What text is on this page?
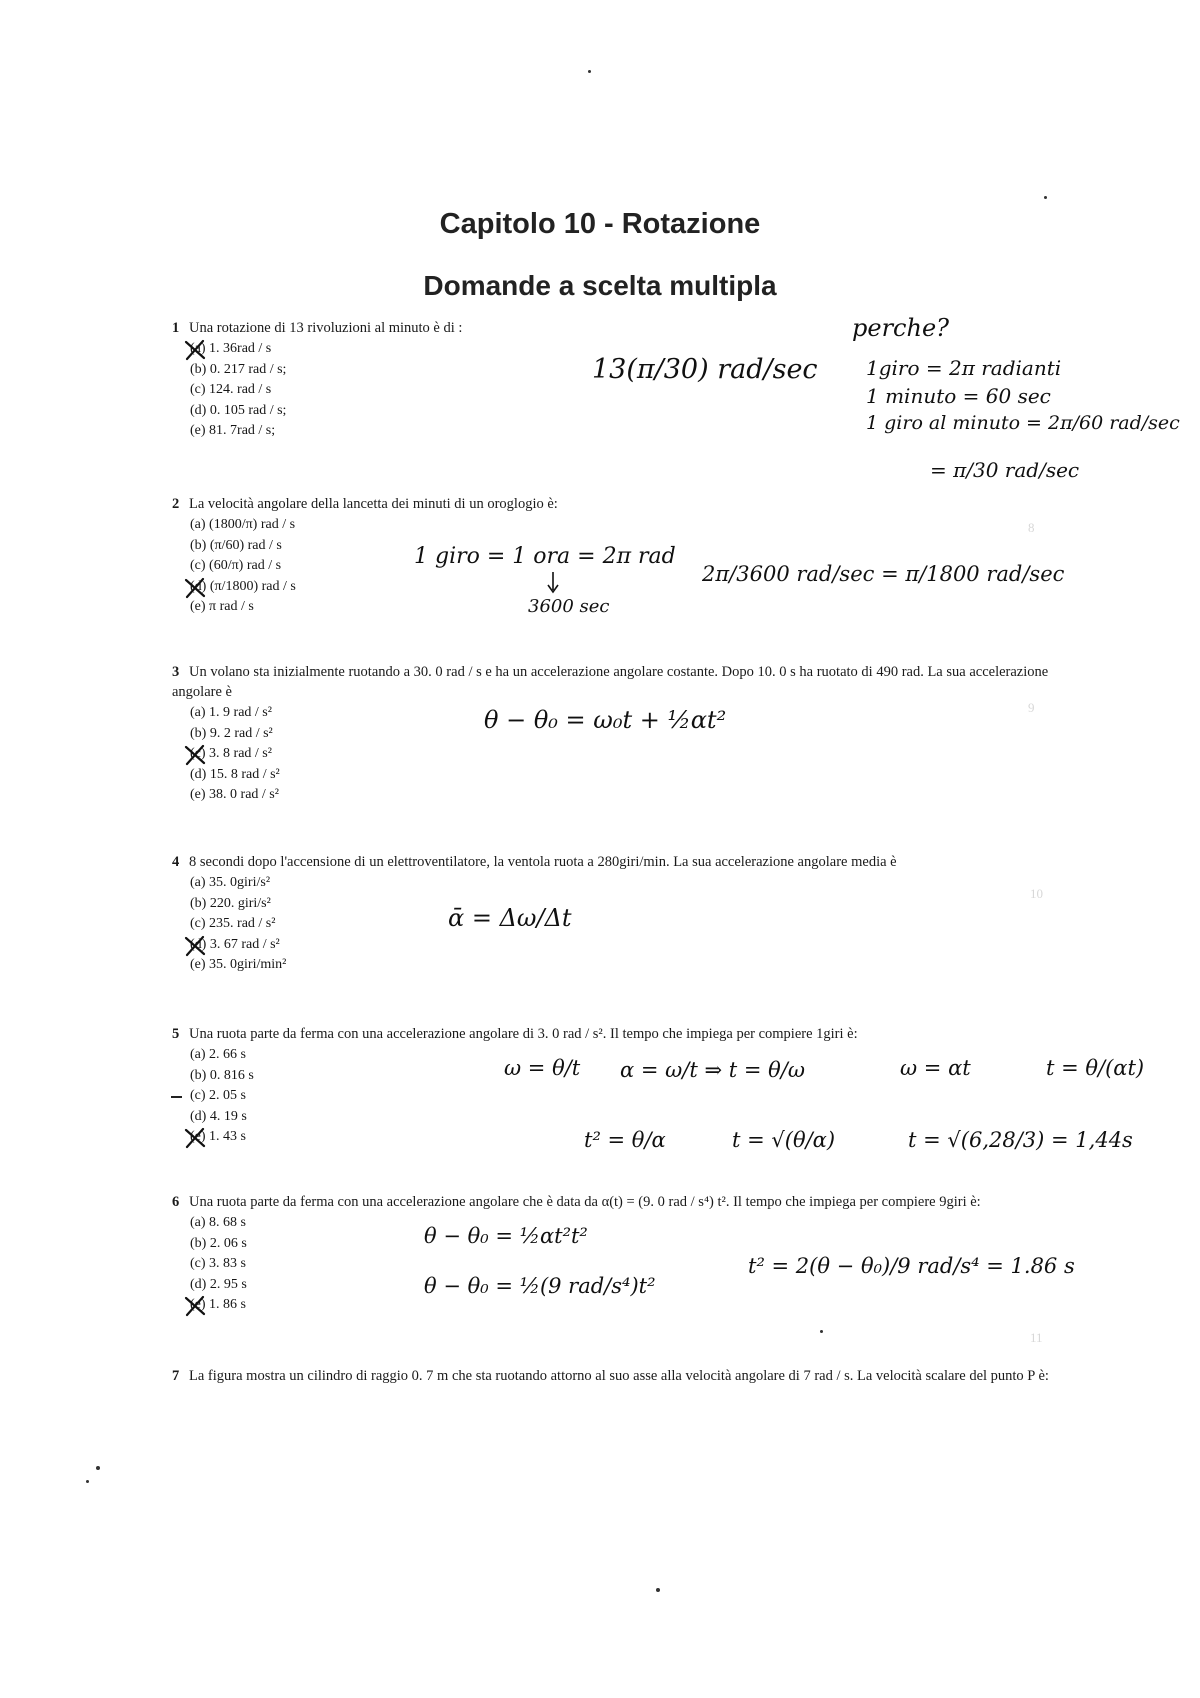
Capitolo 10 - Rotazione
Domande a scelta multipla
8
9
10
11
1 Una rotazione di 13 rivoluzioni al minuto è di :
(a) 1. 36rad / s
(b) 0. 217 rad / s;
(c) 124. rad / s
(d) 0. 105 rad / s;
(e) 81. 7rad / s;
2 La velocità angolare della lancetta dei minuti di un oroglogio è:
(a) (1800/π) rad / s
(b) (π/60) rad / s
(c) (60/π) rad / s
(d) (π/1800) rad / s
(e) π rad / s
3 Un volano sta inizialmente ruotando a 30. 0 rad / s e ha un accelerazione angolare costante. Dopo 10. 0 s ha ruotato di 490 rad. La sua accelerazione angolare è
(a) 1. 9 rad / s²
(b) 9. 2 rad / s²
(c) 3. 8 rad / s²
(d) 15. 8 rad / s²
(e) 38. 0 rad / s²
4 8 secondi dopo l'accensione di un elettroventilatore, la ventola ruota a 280giri/min. La sua accelerazione angolare media è
(a) 35. 0giri/s²
(b) 220. giri/s²
(c) 235. rad / s²
(d) 3. 67 rad / s²
(e) 35. 0giri/min²
5 Una ruota parte da ferma con una accelerazione angolare di 3. 0 rad / s². Il tempo che impiega per compiere 1giri è:
(a) 2. 66 s
(b) 0. 816 s
(c) 2. 05 s
(d) 4. 19 s
(e) 1. 43 s
6 Una ruota parte da ferma con una accelerazione angolare che è data da α(t) = (9. 0 rad / s⁴) t². Il tempo che impiega per compiere 9giri è:
(a) 8. 68 s
(b) 2. 06 s
(c) 3. 83 s
(d) 2. 95 s
(e) 1. 86 s
7 La figura mostra un cilindro di raggio 0. 7 m che sta ruotando attorno al suo asse alla velocità angolare di 7 rad / s. La velocità scalare del punto P è:
13(π/30) rad/sec
perche?
1giro = 2π radianti
1 minuto = 60 sec
1 giro al minuto = 2π/60 rad/sec
= π/30 rad/sec
1 giro = 1 ora = 2π rad
3600 sec
2π/3600 rad/sec = π/1800 rad/sec
θ − θ₀ = ω₀t + ½αt²
ᾱ = Δω/Δt
ω = θ/t α = ω/t ⇒ t = θ/ω	ω = αt	t = θ/(αt)
t² = θ/α	t = √(θ/α)	t = √(6,28/3) = 1,44s
θ − θ₀ = ½αt²t²
θ − θ₀ = ½(9 rad/s⁴)t²
t² = 2(θ − θ₀)/9 rad/s⁴ = 1.86 s
